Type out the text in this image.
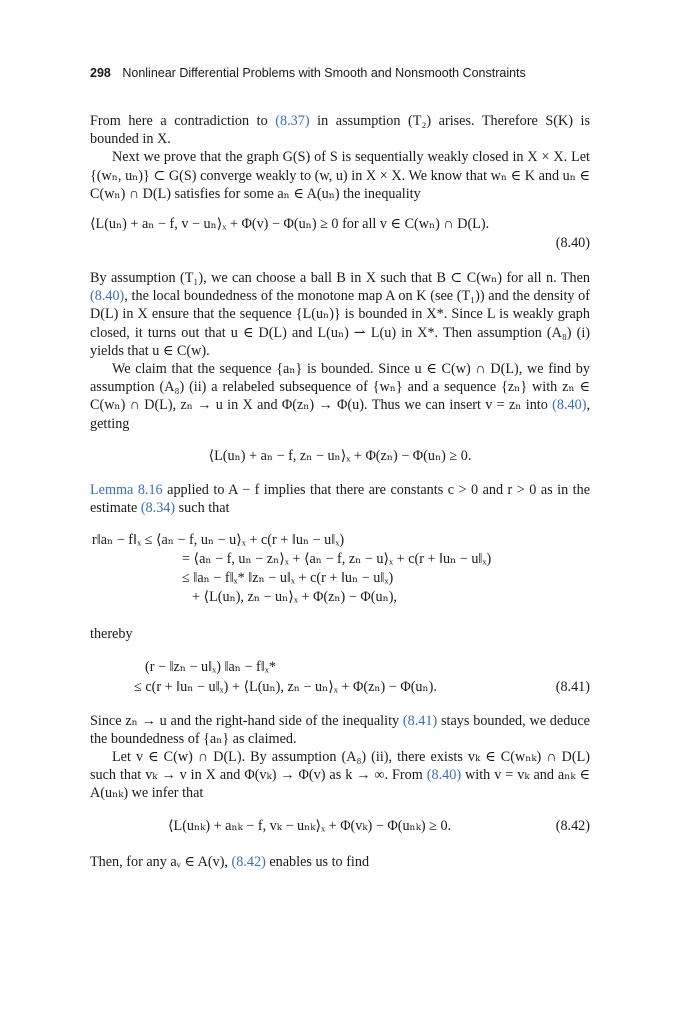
298 Nonlinear Differential Problems with Smooth and Nonsmooth Constraints

From here a contradiction to (8.37) in assumption (T₂) arises. Therefore S(K) is bounded in X.

Next we prove that the graph G(S) of S is sequentially weakly closed in X × X. Let {(wₙ, uₙ)} ⊂ G(S) converge weakly to (w, u) in X × X. We know that wₙ ∈ K and uₙ ∈ C(wₙ) ∩ D(L) satisfies for some aₙ ∈ A(uₙ) the inequality

⟨L(uₙ) + aₙ − f, v − uₙ⟩ₓ + Φ(v) − Φ(uₙ) ≥ 0 for all v ∈ C(wₙ) ∩ D(L).
(8.40)

By assumption (T₁), we can choose a ball B in X such that B ⊂ C(wₙ) for all n. Then (8.40), the local boundedness of the monotone map A on K (see (T₁)) and the density of D(L) in X ensure that the sequence {L(uₙ)} is bounded in X*. Since L is weakly graph closed, it turns out that u ∈ D(L) and L(uₙ) ⇀ L(u) in X*. Then assumption (A₈) (i) yields that u ∈ C(w).

We claim that the sequence {aₙ} is bounded. Since u ∈ C(w) ∩ D(L), we find by assumption (A₈) (ii) a relabeled subsequence of {wₙ} and a sequence {zₙ} with zₙ ∈ C(wₙ) ∩ D(L), zₙ → u in X and Φ(zₙ) → Φ(u). Thus we can insert v = zₙ into (8.40), getting

⟨L(uₙ) + aₙ − f, zₙ − uₙ⟩ₓ + Φ(zₙ) − Φ(uₙ) ≥ 0.

Lemma 8.16 applied to A − f implies that there are constants c > 0 and r > 0 as in the estimate (8.34) such that

r‖aₙ − f‖ₓ ≤ ⟨aₙ − f, uₙ − u⟩ₓ + c(r + ‖uₙ − u‖ₓ)
= ⟨aₙ − f, uₙ − zₙ⟩ₓ + ⟨aₙ − f, zₙ − u⟩ₓ + c(r + ‖uₙ − u‖ₓ)
≤ ‖aₙ − f‖ₓ* ‖zₙ − u‖ₓ + c(r + ‖uₙ − u‖ₓ)
+ ⟨L(uₙ), zₙ − uₙ⟩ₓ + Φ(zₙ) − Φ(uₙ),

thereby

(r − ‖zₙ − u‖ₓ) ‖aₙ − f‖ₓ*
≤ c(r + ‖uₙ − u‖ₓ) + ⟨L(uₙ), zₙ − uₙ⟩ₓ + Φ(zₙ) − Φ(uₙ).	(8.41)

Since zₙ → u and the right-hand side of the inequality (8.41) stays bounded, we deduce the boundedness of {aₙ} as claimed.

Let v ∈ C(w) ∩ D(L). By assumption (A₈) (ii), there exists vₖ ∈ C(wₙₖ) ∩ D(L) such that vₖ → v in X and Φ(vₖ) → Φ(v) as k → ∞. From (8.40) with v = vₖ and aₙₖ ∈ A(uₙₖ) we infer that

⟨L(uₙₖ) + aₙₖ − f, vₖ − uₙₖ⟩ₓ + Φ(vₖ) − Φ(uₙₖ) ≥ 0.	(8.42)

Then, for any aᵥ ∈ A(v), (8.42) enables us to find
